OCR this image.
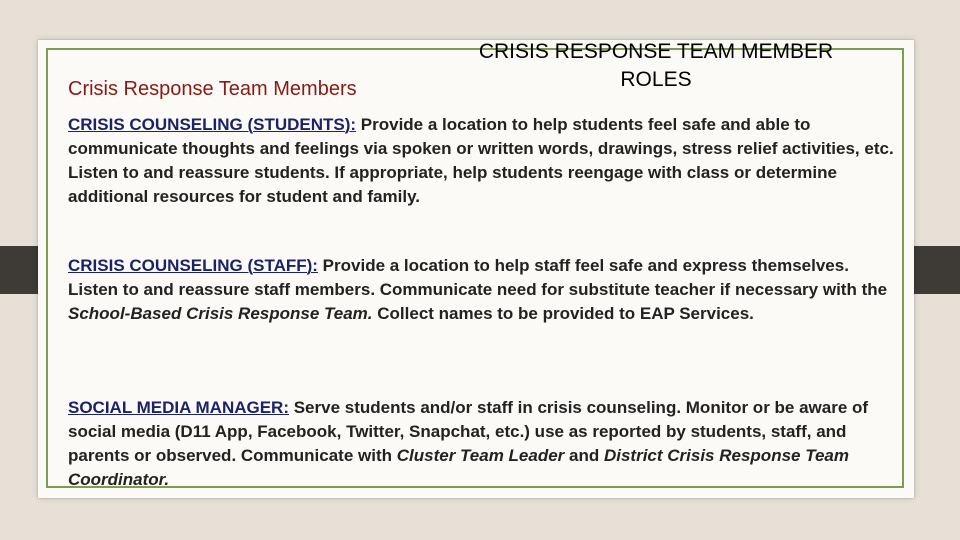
CRISIS RESPONSE TEAM MEMBER ROLES
Crisis Response Team Members

CRISIS COUNSELING (STUDENTS): Provide a location to help students feel safe and able to communicate thoughts and feelings via spoken or written words, drawings, stress relief activities, etc. Listen to and reassure students. If appropriate, help students reengage with class or determine additional resources for student and family.

CRISIS COUNSELING (STAFF): Provide a location to help staff feel safe and express themselves. Listen to and reassure staff members. Communicate need for substitute teacher if necessary with the School-Based Crisis Response Team. Collect names to be provided to EAP Services.

SOCIAL MEDIA MANAGER: Serve students and/or staff in crisis counseling. Monitor or be aware of social media (D11 App, Facebook, Twitter, Snapchat, etc.) use as reported by students, staff, and parents or observed. Communicate with Cluster Team Leader and District Crisis Response Team Coordinator.
